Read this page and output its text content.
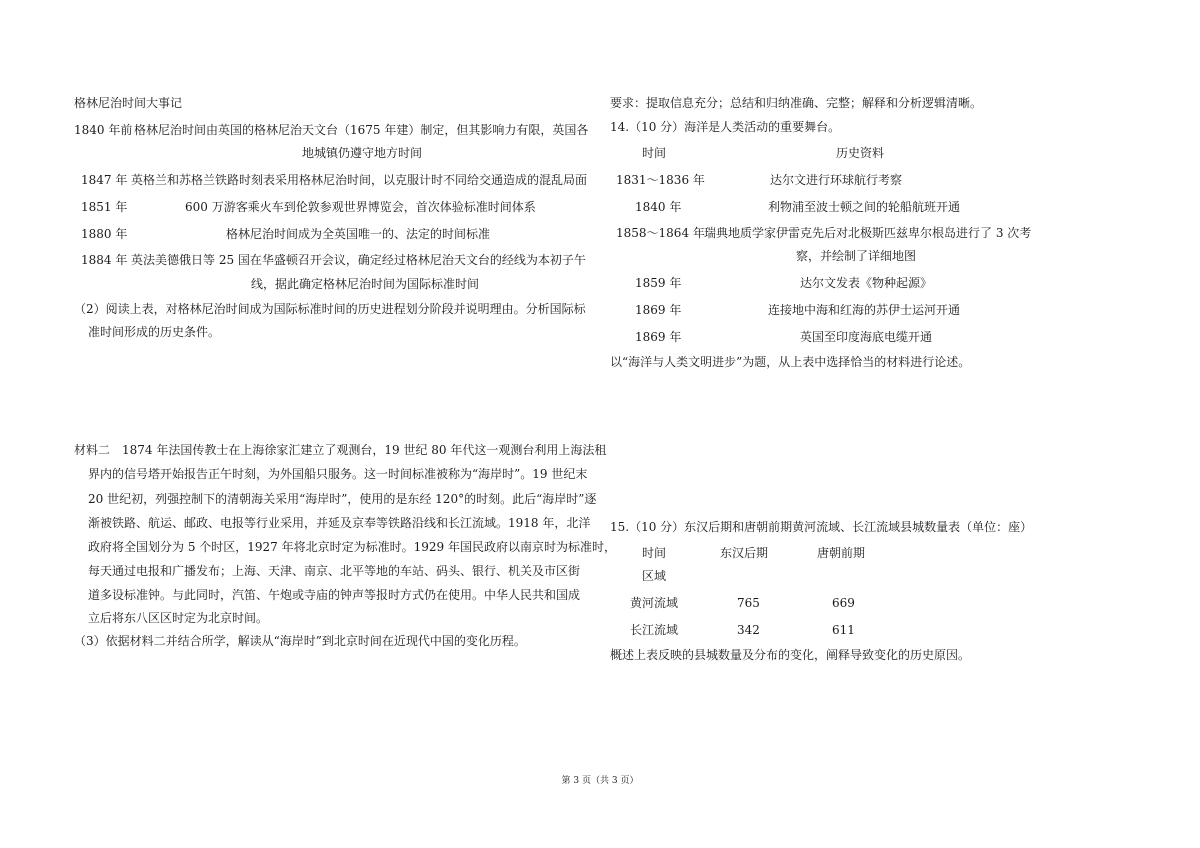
格林尼治时间大事记
1840 年前 格林尼治时间由英国的格林尼治天文台（1675 年建）制定，但其影响力有限，英国各
地城镇仍遵守地方时间
1847 年 英格兰和苏格兰铁路时刻表采用格林尼治时间，以克服计时不同给交通造成的混乱局面
1851 年	600 万游客乘火车到伦敦参观世界博览会，首次体验标准时间体系
1880 年	格林尼治时间成为全英国唯一的、法定的时间标准
1884 年 英法美德俄日等 25 国在华盛顿召开会议，确定经过格林尼治天文台的经线为本初子午
线，据此确定格林尼治时间为国际标准时间
（2）阅读上表，对格林尼治时间成为国际标准时间的历史进程划分阶段并说明理由。分析国际标
准时间形成的历史条件。
材料二　1874 年法国传教士在上海徐家汇建立了观测台，19 世纪 80 年代这一观测台利用上海法租
界内的信号塔开始报告正午时刻，为外国船只服务。这一时间标准被称为“海岸时”。19 世纪末
20 世纪初，列强控制下的清朝海关采用“海岸时”，使用的是东经 120°的时刻。此后“海岸时”逐
渐被铁路、航运、邮政、电报等行业采用，并延及京奉等铁路沿线和长江流域。1918 年，北洋
政府将全国划分为 5 个时区，1927 年将北京时定为标准时。1929 年国民政府以南京时为标准时，
每天通过电报和广播发布；上海、天津、南京、北平等地的车站、码头、银行、机关及市区街
道多设标准钟。与此同时，汽笛、午炮或寺庙的钟声等报时方式仍在使用。中华人民共和国成
立后将东八区区时定为北京时间。
（3）依据材料二并结合所学，解读从“海岸时”到北京时间在近现代中国的变化历程。
要求：提取信息充分；总结和归纳准确、完整；解释和分析逻辑清晰。
14.（10 分）海洋是人类活动的重要舞台。
时间	历史资料
1831～1836 年	达尔文进行环球航行考察
1840 年	利物浦至波士顿之间的轮船航班开通
1858～1864 年 瑞典地质学家伊雷克先后对北极斯匹兹卑尔根岛进行了 3 次考
察，并绘制了详细地图
1859 年	达尔文发表《物种起源》
1869 年	连接地中海和红海的苏伊士运河开通
1869 年	英国至印度海底电缆开通
以“海洋与人类文明进步”为题，从上表中选择恰当的材料进行论述。
15.（10 分）东汉后期和唐朝前期黄河流域、长江流域县城数量表（单位：座）
时间	东汉后期	唐朝前期
区域
黄河流域	765	669
长江流域	342	611
概述上表反映的县城数量及分布的变化，阐释导致变化的历史原因。
第 3 页（共 3 页）
